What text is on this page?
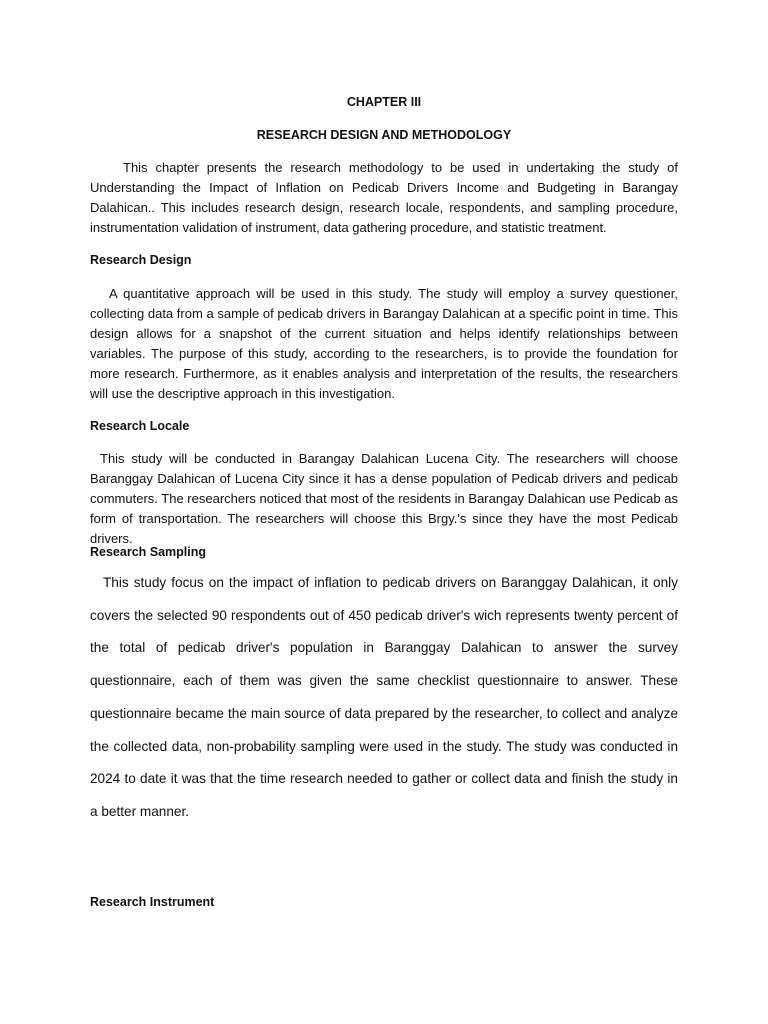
CHAPTER III
RESEARCH DESIGN AND METHODOLOGY

This chapter presents the research methodology to be used in undertaking the study of Understanding the Impact of Inflation on Pedicab Drivers Income and Budgeting in Barangay Dalahican.. This includes research design, research locale, respondents, and sampling procedure, instrumentation validation of instrument, data gathering procedure, and statistic treatment.

Research Design

A quantitative approach will be used in this study. The study will employ a survey questioner, collecting data from a sample of pedicab drivers in Barangay Dalahican at a specific point in time. This design allows for a snapshot of the current situation and helps identify relationships between variables. The purpose of this study, according to the researchers, is to provide the foundation for more research. Furthermore, as it enables analysis and interpretation of the results, the researchers will use the descriptive approach in this investigation.

Research Locale

This study will be conducted in Barangay Dalahican Lucena City. The researchers will choose Baranggay Dalahican of Lucena City since it has a dense population of Pedicab drivers and pedicab commuters. The researchers noticed that most of the residents in Barangay Dalahican use Pedicab as form of transportation. The researchers will choose this Brgy.'s since they have the most Pedicab drivers.

Research Sampling

This study focus on the impact of inflation to pedicab drivers on Baranggay Dalahican, it only covers the selected 90 respondents out of 450 pedicab driver's wich represents twenty percent of the total of pedicab driver's population in Baranggay Dalahican to answer the survey questionnaire, each of them was given the same checklist questionnaire to answer. These questionnaire became the main source of data prepared by the researcher, to collect and analyze the collected data, non-probability sampling were used in the study. The study was conducted in 2024 to date it was that the time research needed to gather or collect data and finish the study in a better manner.

Research Instrument
